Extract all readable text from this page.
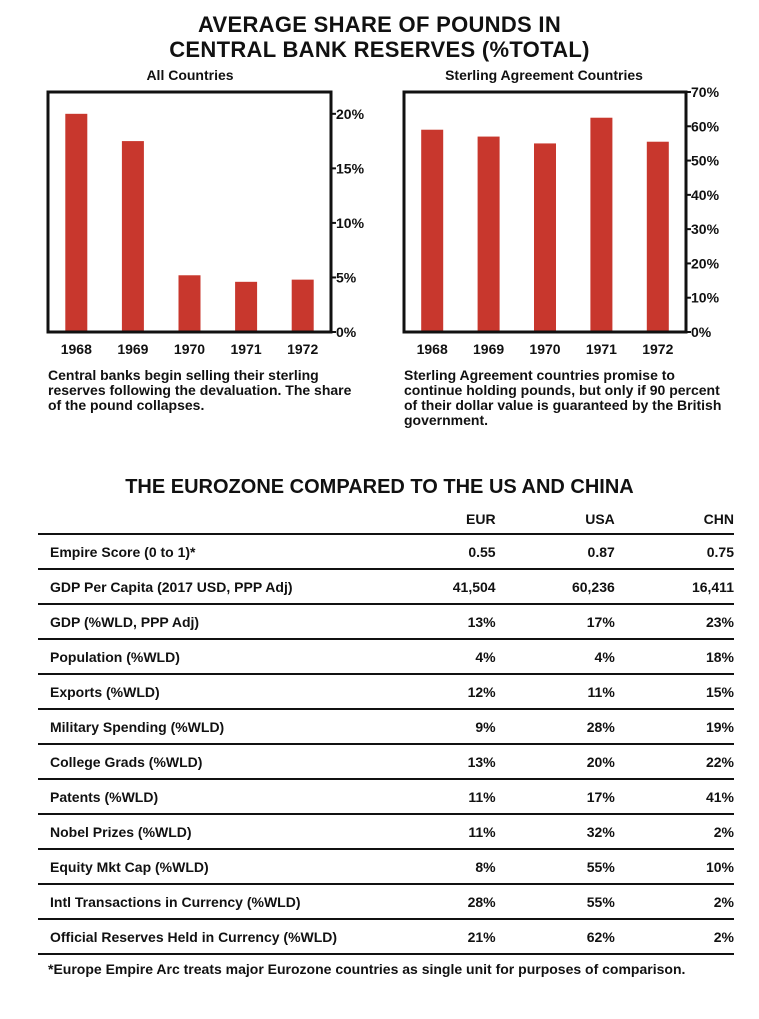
AVERAGE SHARE OF POUNDS IN
CENTRAL BANK RESERVES (%TOTAL)
All Countries	Sterling Agreement Countries
0%
5%
10%
15%
20%
1968 1969 1970 1971 1972
0%
10%
20%
30%
40%
50%
60%
70%
1968 1969 1970 1971 1972
Central banks begin selling their sterling reserves following the devaluation. The share of the pound collapses.
Sterling Agreement countries promise to continue holding pounds, but only if 90 percent of their dollar value is guaranteed by the British government.
THE EUROZONE COMPARED TO THE US AND CHINA
	EUR	USA	CHN
Empire Score (0 to 1)*	0.55	0.87	0.75
GDP Per Capita (2017 USD, PPP Adj)	41,504	60,236	16,411
GDP (%WLD, PPP Adj)	13%	17%	23%
Population (%WLD)	4%	4%	18%
Exports (%WLD)	12%	11%	15%
Military Spending (%WLD)	9%	28%	19%
College Grads (%WLD)	13%	20%	22%
Patents (%WLD)	11%	17%	41%
Nobel Prizes (%WLD)	11%	32%	2%
Equity Mkt Cap (%WLD)	8%	55%	10%
Intl Transactions in Currency (%WLD)	28%	55%	2%
Official Reserves Held in Currency (%WLD)	21%	62%	2%
*Europe Empire Arc treats major Eurozone countries as single unit for purposes of comparison.
